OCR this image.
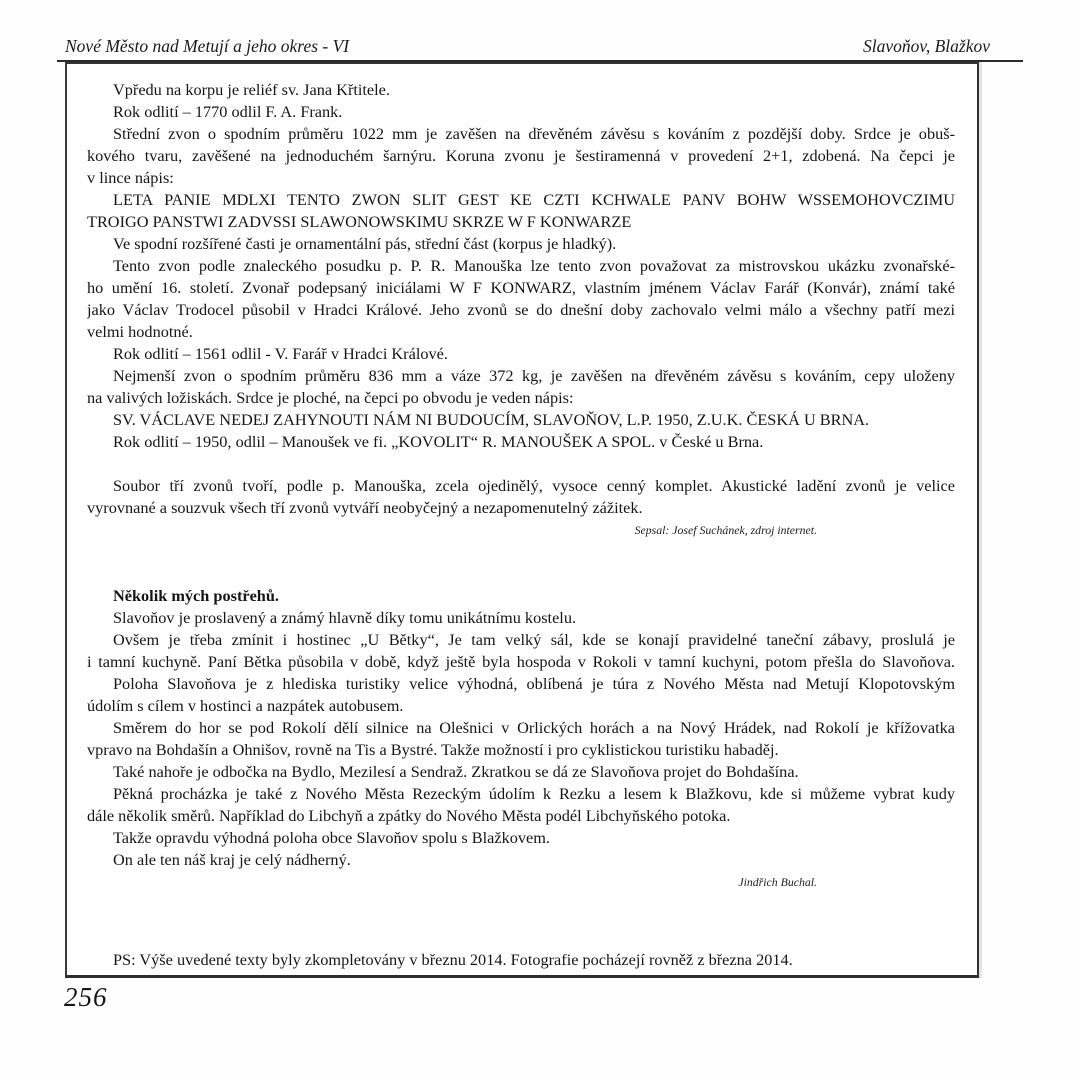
Nové Město nad Metují a jeho okres - VI	Slavoňov, Blažkov
Vpředu na korpu je reliéf sv. Jana Křtitele.
Rok odlití – 1770 odlil F. A. Frank.
Střední zvon o spodním průměru 1022 mm je zavěšen na dřevěném závěsu s kováním z pozdější doby. Srdce je obuš-
kového tvaru, zavěšené na jednoduchém šarnýru. Koruna zvonu je šestiramenná v provedení 2+1, zdobená. Na čepci je
v lince nápis:
LETA PANIE MDLXI TENTO ZWON SLIT GEST KE CZTI KCHWALE PANV BOHW WSSEMOHOVCZIMU
TROIGO PANSTWI ZADVSSI SLAWONOWSKIMU SKRZE W F KONWARZE
Ve spodní rozšířené časti je ornamentální pás, střední část (korpus je hladký).
Tento zvon podle znaleckého posudku p. P. R. Manouška lze tento zvon považovat za mistrovskou ukázku zvonařské-
ho umění 16. století. Zvonař podepsaný iniciálami W F KONWARZ, vlastním jménem Václav Farář (Konvár), známí také
jako Václav Trodocel působil v Hradci Králové. Jeho zvonů se do dnešní doby zachovalo velmi málo a všechny patří mezi
velmi hodnotné.
Rok odlití – 1561 odlil - V. Farář v Hradci Králové.
Nejmenší zvon o spodním průměru 836 mm a váze 372 kg, je zavěšen na dřevěném závěsu s kováním, cepy uloženy
na valivých ložiskách. Srdce je ploché, na čepci po obvodu je veden nápis:
SV. VÁCLAVE NEDEJ ZAHYNOUTI NÁM NI BUDOUCÍM, SLAVOŇOV, L.P. 1950, Z.U.K. ČESKÁ U BRNA.
Rok odlití – 1950, odlil – Manoušek ve fi. „KOVOLIT“ R. MANOUŠEK A SPOL. v České u Brna.
Soubor tří zvonů tvoří, podle p. Manouška, zcela ojedinělý, vysoce cenný komplet. Akustické ladění zvonů je velice
vyrovnané a souzvuk všech tří zvonů vytváří neobyčejný a nezapomenutelný zážitek.
Sepsal: Josef Suchánek, zdroj internet.
Několik mých postřehů.
Slavoňov je proslavený a známý hlavně díky tomu unikátnímu kostelu.
Ovšem je třeba zmínit i hostinec „U Bětky“, Je tam velký sál, kde se konají pravidelné taneční zábavy, proslulá je
i tamní kuchyně. Paní Bětka působila v době, když ještě byla hospoda v Rokoli v tamní kuchyni, potom přešla do Slavoňova.
Poloha Slavoňova je z hlediska turistiky velice výhodná, oblíbená je túra z Nového Města nad Metují Klopotovským
údolím s cílem v hostinci a nazpátek autobusem.
Směrem do hor se pod Rokolí dělí silnice na Olešnici v Orlických horách a na Nový Hrádek, nad Rokolí je křížovatka
vpravo na Bohdašín a Ohnišov, rovně na Tis a Bystré. Takže možností i pro cyklistickou turistiku habaděj.
Také nahoře je odbočka na Bydlo, Mezilesí a Sendraž. Zkratkou se dá ze Slavoňova projet do Bohdašína.
Pěkná procházka je také z Nového Města Rezeckým údolím k Rezku a lesem k Blažkovu, kde si můžeme vybrat kudy
dále několik směrů. Například do Libchyň a zpátky do Nového Města podél Libchyňského potoka.
Takže opravdu výhodná poloha obce Slavoňov spolu s Blažkovem.
On ale ten náš kraj je celý nádherný.
Jindřich Buchal.
PS: Výše uvedené texty byly zkompletovány v březnu 2014. Fotografie pocházejí rovněž z března 2014.
256
